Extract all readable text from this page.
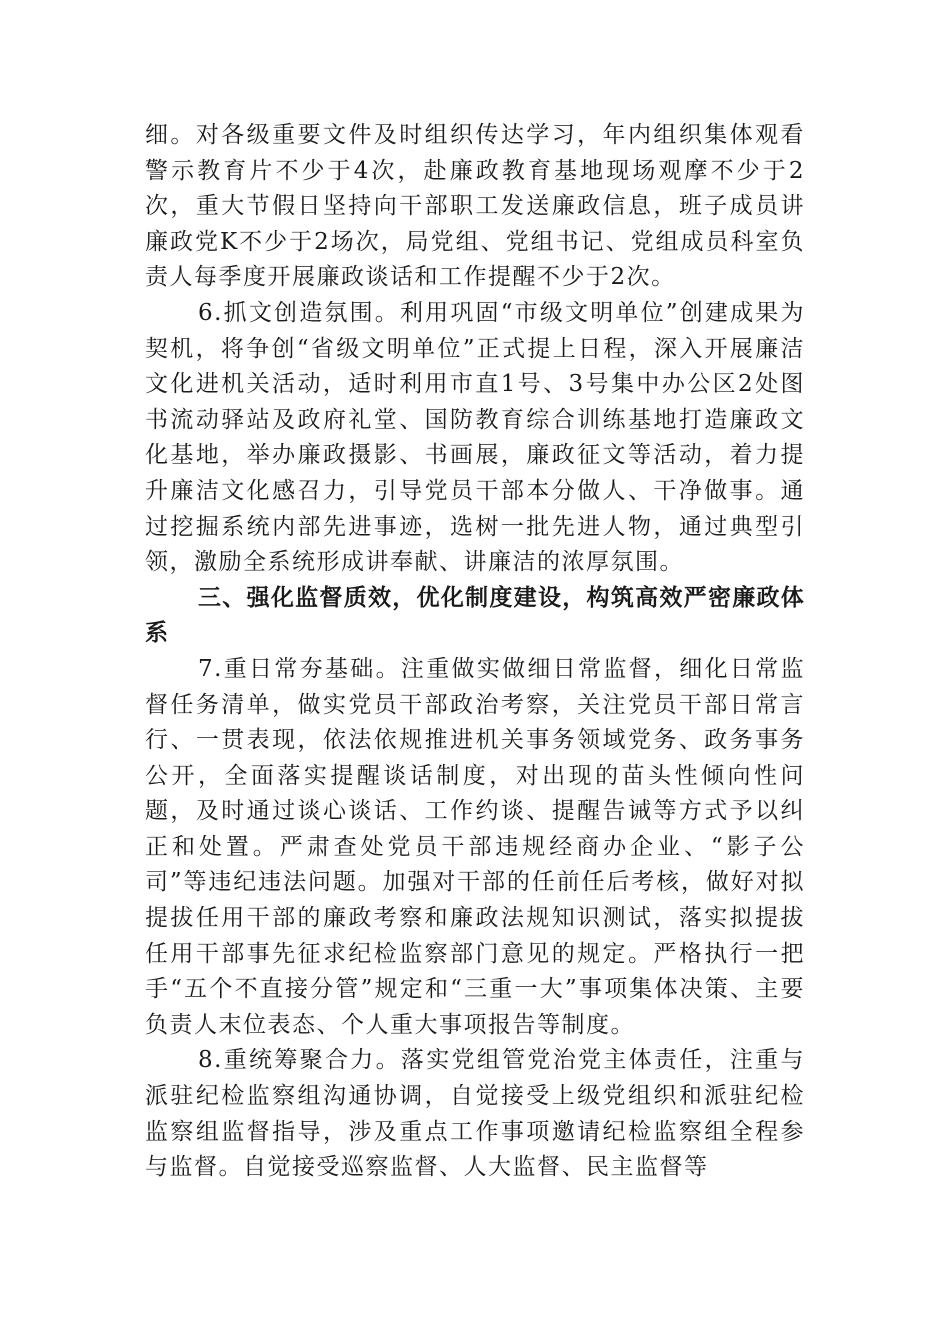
细。对各级重要文件及时组织传达学习，年内组织集体观看警示教育片不少于4次，赴廉政教育基地现场观摩不少于2次，重大节假日坚持向干部职工发送廉政信息，班子成员讲廉政党K不少于2场次，局党组、党组书记、党组成员科室负责人每季度开展廉政谈话和工作提醒不少于2次。

6.抓文创造氛围。利用巩固“市级文明单位”创建成果为契机，将争创“省级文明单位”正式提上日程，深入开展廉洁文化进机关活动，适时利用市直1号、3号集中办公区2处图书流动驿站及政府礼堂、国防教育综合训练基地打造廉政文化基地，举办廉政摄影、书画展，廉政征文等活动，着力提升廉洁文化感召力，引导党员干部本分做人、干净做事。通过挖掘系统内部先进事迹，选树一批先进人物，通过典型引领，激励全系统形成讲奉献、讲廉洁的浓厚氛围。

三、强化监督质效，优化制度建设，构筑高效严密廉政体系

7.重日常夯基础。注重做实做细日常监督，细化日常监督任务清单，做实党员干部政治考察，关注党员干部日常言行、一贯表现，依法依规推进机关事务领域党务、政务事务公开，全面落实提醒谈话制度，对出现的苗头性倾向性问题，及时通过谈心谈话、工作约谈、提醒告诫等方式予以纠正和处置。严肃查处党员干部违规经商办企业、“影子公司”等违纪违法问题。加强对干部的任前任后考核，做好对拟提拔任用干部的廉政考察和廉政法规知识测试，落实拟提拔任用干部事先征求纪检监察部门意见的规定。严格执行一把手“五个不直接分管”规定和“三重一大”事项集体决策、主要负责人末位表态、个人重大事项报告等制度。

8.重统筹聚合力。落实党组管党治党主体责任，注重与派驻纪检监察组沟通协调，自觉接受上级党组织和派驻纪检监察组监督指导，涉及重点工作事项邀请纪检监察组全程参与监督。自觉接受巡察监督、人大监督、民主监督等
